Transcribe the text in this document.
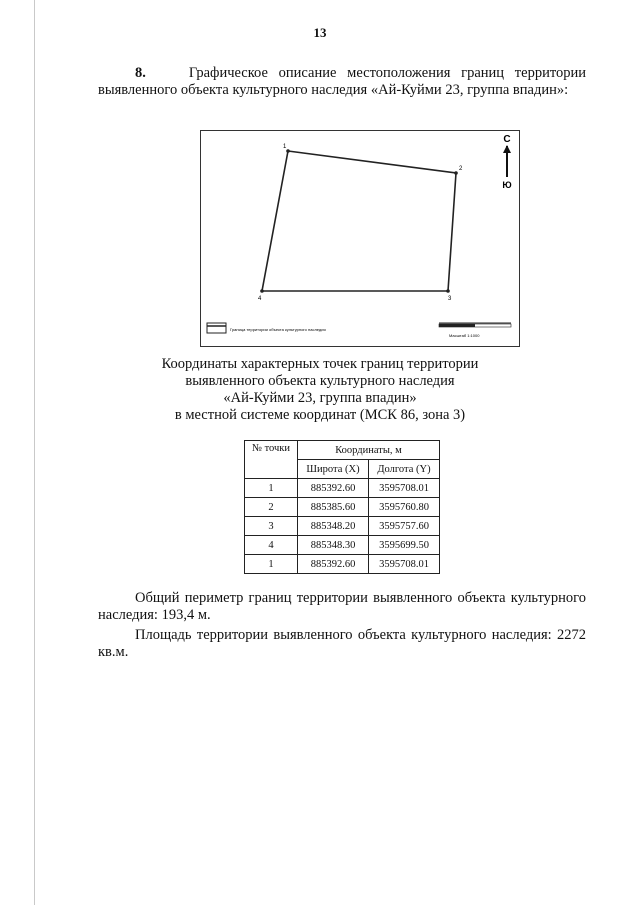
13
8.	Графическое описание местоположения границ территории выявленного объекта культурного наследия «Ай-Куйми 23, группа впадин»:
1
2
3
4
С
Ю
Граница территории объекта культурного наследия
Масштаб 1:1000
Координаты характерных точек границ территории
выявленного объекта культурного наследия
«Ай-Куйми 23, группа впадин»
в местной системе координат (МСК 86, зона 3)
№ точки	Координаты, м	
	Широта (X)	Долгота (Y)
1	885392.60	3595708.01
2	885385.60	3595760.80
3	885348.20	3595757.60
4	885348.30	3595699.50
1	885392.60	3595708.01
Общий периметр границ территории выявленного объекта культурного наследия: 193,4 м.
Площадь территории выявленного объекта культурного наследия: 2272 кв.м.
